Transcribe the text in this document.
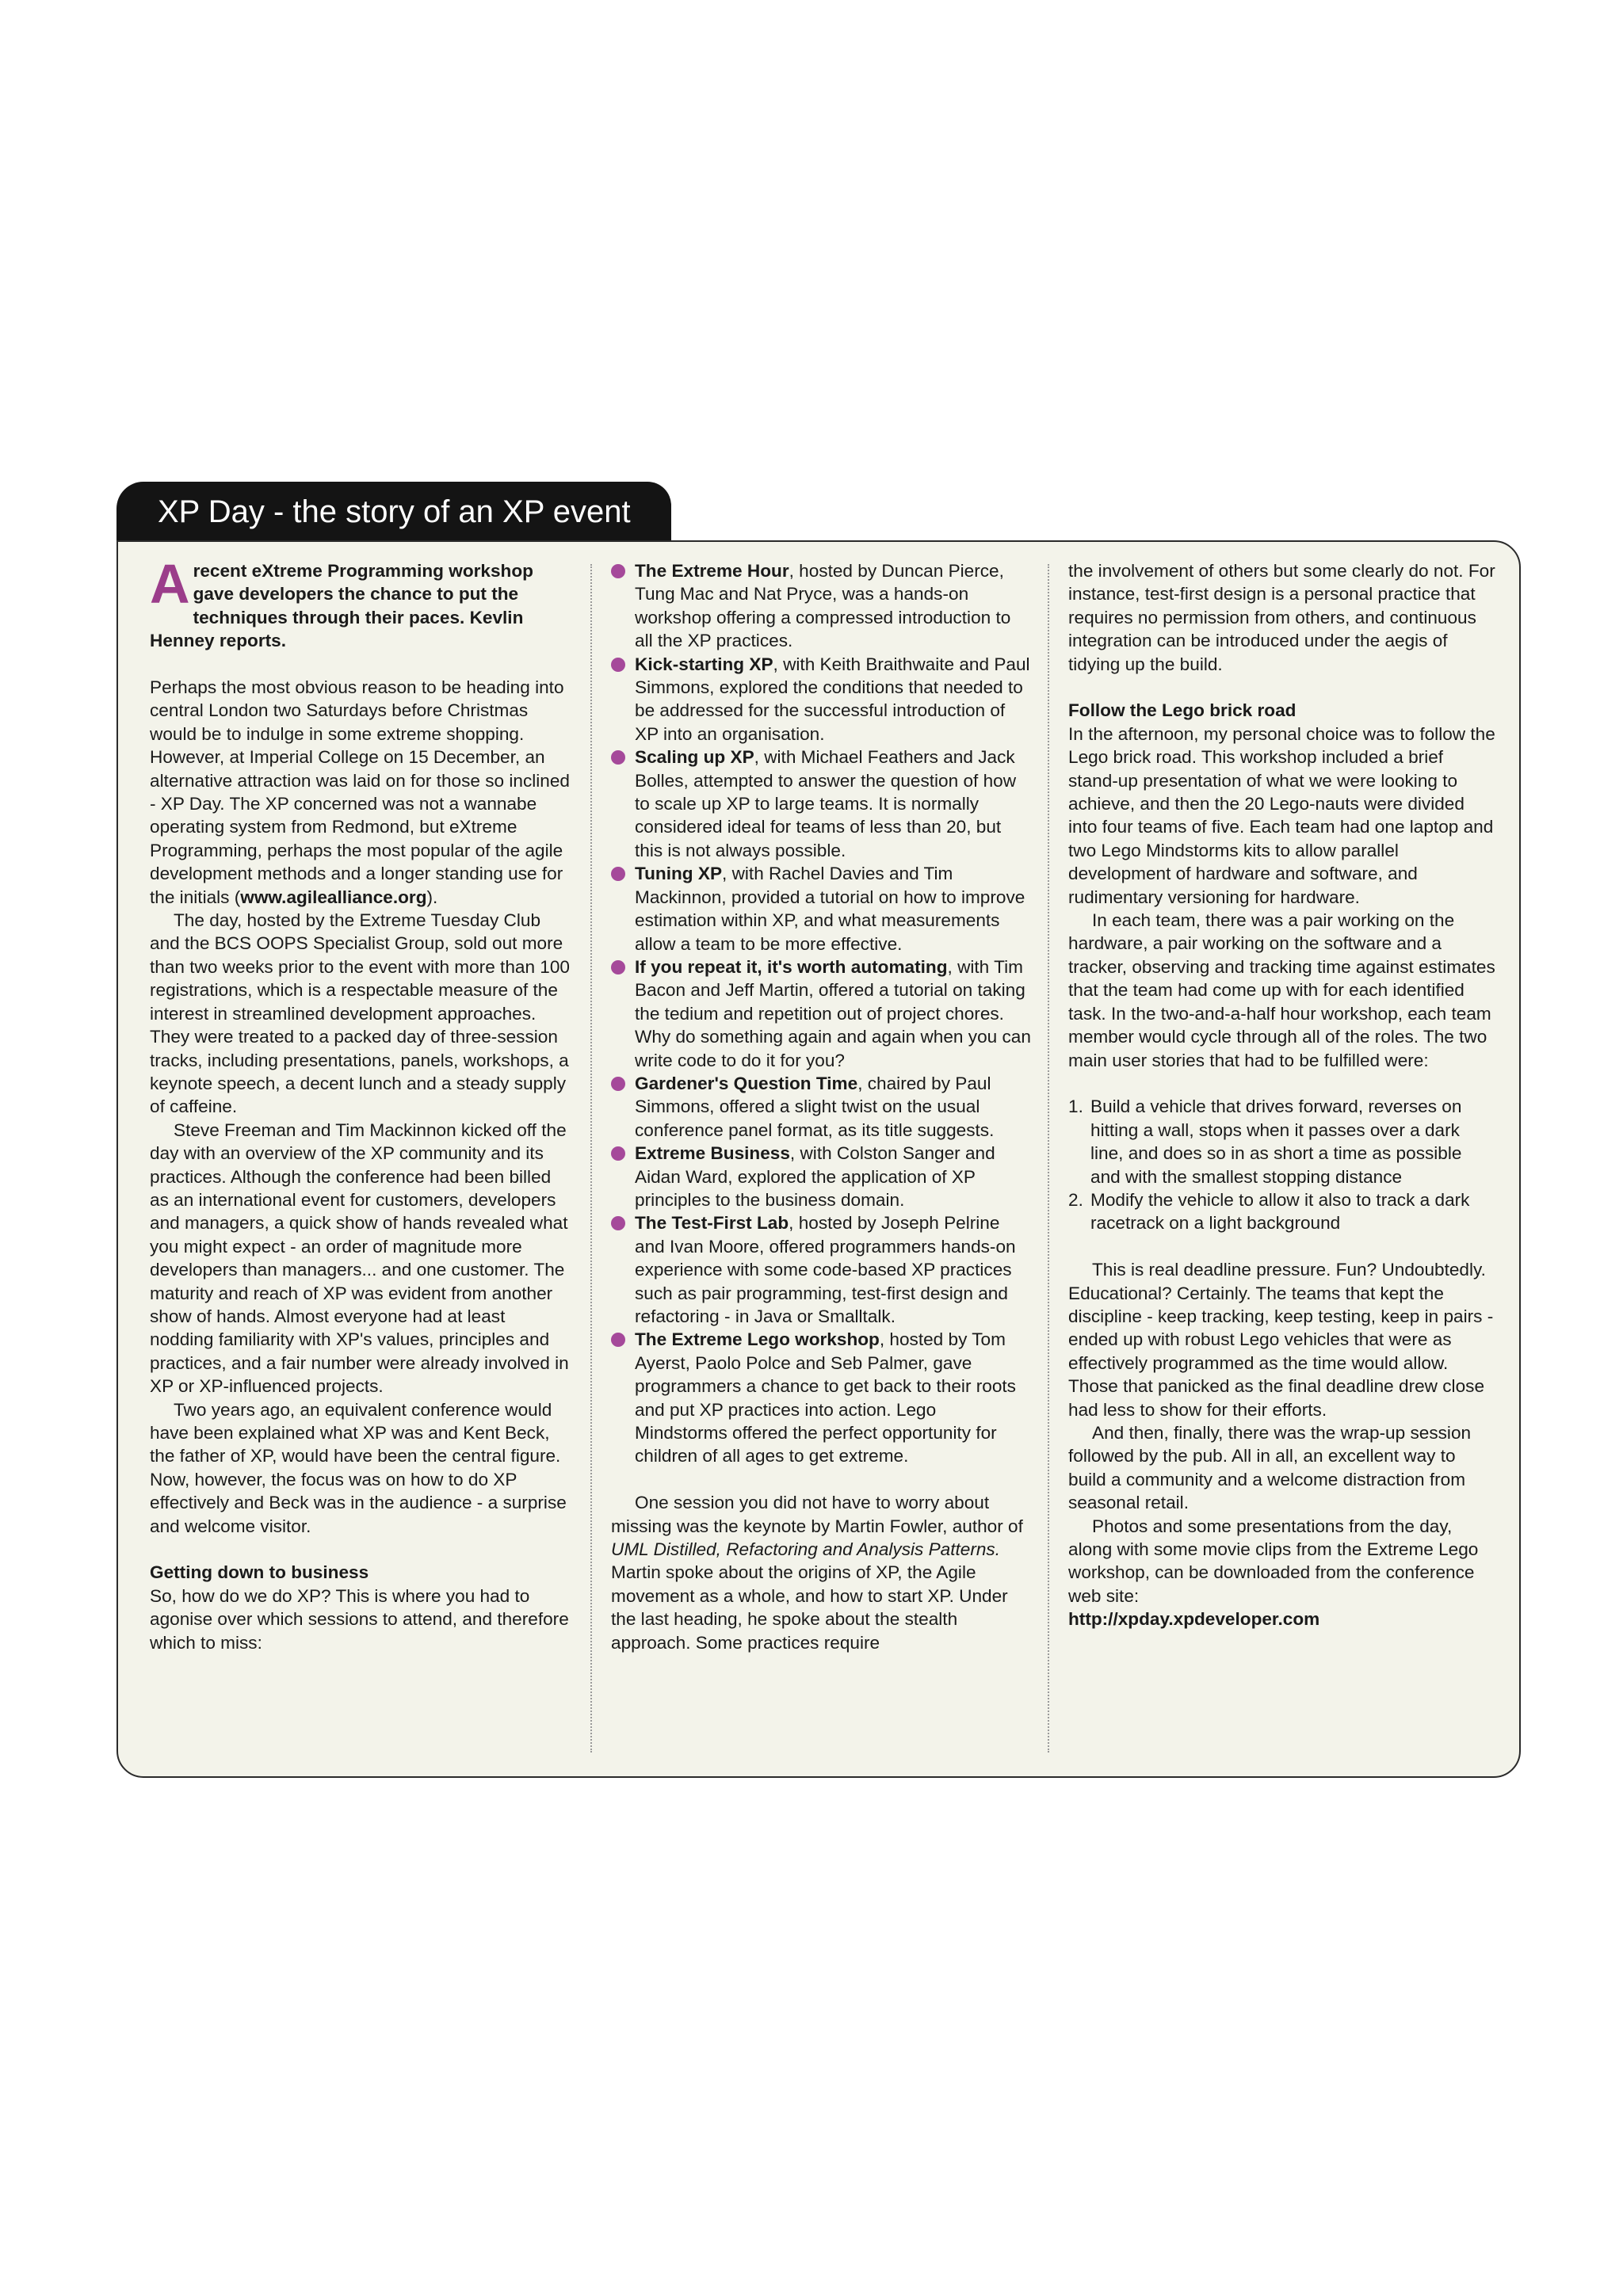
XP Day - the story of an XP event

Arecent eXtreme Programming workshop gave developers the chance to put the techniques through their paces. Kevlin Henney reports.

Perhaps the most obvious reason to be heading into central London two Saturdays before Christmas would be to indulge in some extreme shopping. However, at Imperial College on 15 December, an alternative attraction was laid on for those so inclined - XP Day. The XP concerned was not a wannabe operating system from Redmond, but eXtreme Programming, perhaps the most popular of the agile development methods and a longer standing use for the initials (www.agilealliance.org).

The day, hosted by the Extreme Tuesday Club and the BCS OOPS Specialist Group, sold out more than two weeks prior to the event with more than 100 registrations, which is a respectable measure of the interest in streamlined development approaches. They were treated to a packed day of three-session tracks, including presentations, panels, workshops, a keynote speech, a decent lunch and a steady supply of caffeine.

Steve Freeman and Tim Mackinnon kicked off the day with an overview of the XP community and its practices. Although the conference had been billed as an international event for customers, developers and managers, a quick show of hands revealed what you might expect - an order of magnitude more developers than managers... and one customer. The maturity and reach of XP was evident from another show of hands. Almost everyone had at least nodding familiarity with XP's values, principles and practices, and a fair number were already involved in XP or XP-influenced projects.

Two years ago, an equivalent conference would have been explained what XP was and Kent Beck, the father of XP, would have been the central figure. Now, however, the focus was on how to do XP effectively and Beck was in the audience - a surprise and welcome visitor.

Getting down to business

So, how do we do XP? This is where you had to agonise over which sessions to attend, and therefore which to miss:

The Extreme Hour, hosted by Duncan Pierce, Tung Mac and Nat Pryce, was a hands-on workshop offering a compressed introduction to all the XP practices.
Kick-starting XP, with Keith Braithwaite and Paul Simmons, explored the conditions that needed to be addressed for the successful introduction of XP into an organisation.
Scaling up XP, with Michael Feathers and Jack Bolles, attempted to answer the question of how to scale up XP to large teams. It is normally considered ideal for teams of less than 20, but this is not always possible.
Tuning XP, with Rachel Davies and Tim Mackinnon, provided a tutorial on how to improve estimation within XP, and what measurements allow a team to be more effective.
If you repeat it, it's worth automating, with Tim Bacon and Jeff Martin, offered a tutorial on taking the tedium and repetition out of project chores. Why do something again and again when you can write code to do it for you?
Gardener's Question Time, chaired by Paul Simmons, offered a slight twist on the usual conference panel format, as its title suggests.
Extreme Business, with Colston Sanger and Aidan Ward, explored the application of XP principles to the business domain.
The Test-First Lab, hosted by Joseph Pelrine and Ivan Moore, offered programmers hands-on experience with some code-based XP practices such as pair programming, test-first design and refactoring - in Java or Smalltalk.
The Extreme Lego workshop, hosted by Tom Ayerst, Paolo Polce and Seb Palmer, gave programmers a chance to get back to their roots and put XP practices into action. Lego Mindstorms offered the perfect opportunity for children of all ages to get extreme.

One session you did not have to worry about missing was the keynote by Martin Fowler, author of UML Distilled, Refactoring and Analysis Patterns. Martin spoke about the origins of XP, the Agile movement as a whole, and how to start XP. Under the last heading, he spoke about the stealth approach. Some practices require

the involvement of others but some clearly do not. For instance, test-first design is a personal practice that requires no permission from others, and continuous integration can be introduced under the aegis of tidying up the build.

Follow the Lego brick road

In the afternoon, my personal choice was to follow the Lego brick road. This workshop included a brief stand-up presentation of what we were looking to achieve, and then the 20 Lego-nauts were divided into four teams of five. Each team had one laptop and two Lego Mindstorms kits to allow parallel development of hardware and software, and rudimentary versioning for hardware.

In each team, there was a pair working on the hardware, a pair working on the software and a tracker, observing and tracking time against estimates that the team had come up with for each identified task. In the two-and-a-half hour workshop, each team member would cycle through all of the roles. The two main user stories that had to be fulfilled were:

1. Build a vehicle that drives forward, reverses on hitting a wall, stops when it passes over a dark line, and does so in as short a time as possible and with the smallest stopping distance
2. Modify the vehicle to allow it also to track a dark racetrack on a light background

This is real deadline pressure. Fun? Undoubtedly. Educational? Certainly. The teams that kept the discipline - keep tracking, keep testing, keep in pairs - ended up with robust Lego vehicles that were as effectively programmed as the time would allow. Those that panicked as the final deadline drew close had less to show for their efforts.

And then, finally, there was the wrap-up session followed by the pub. All in all, an excellent way to build a community and a welcome distraction from seasonal retail.

Photos and some presentations from the day, along with some movie clips from the Extreme Lego workshop, can be downloaded from the conference web site:

http://xpday.xpdeveloper.com
